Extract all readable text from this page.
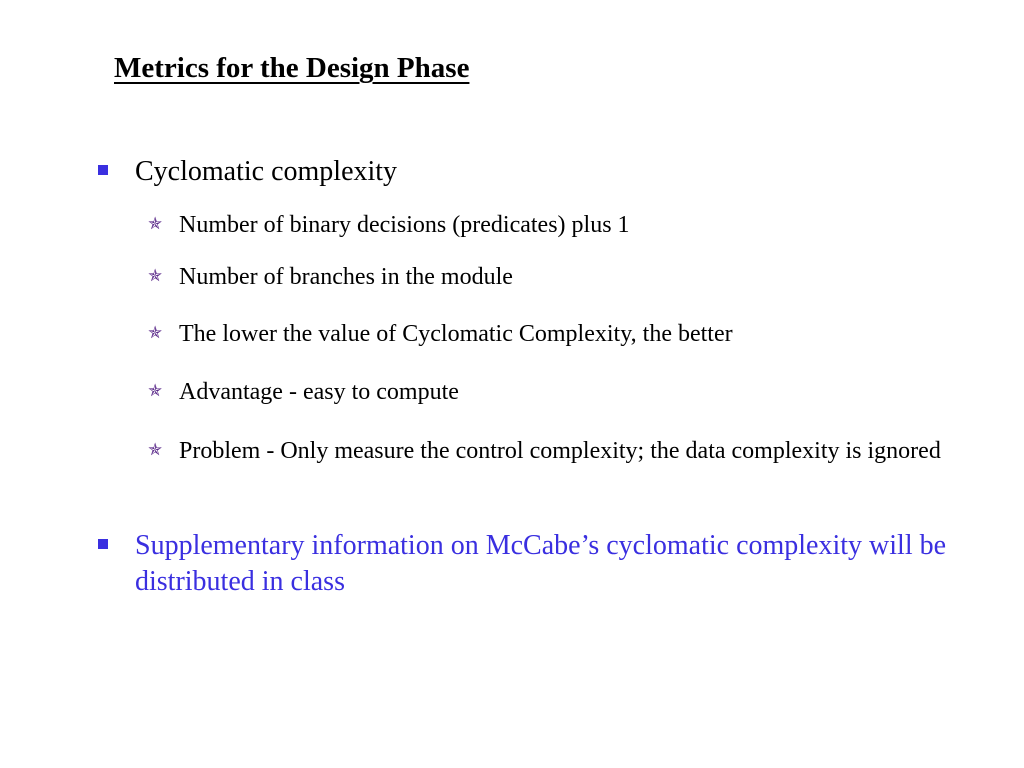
Metrics for the Design Phase
Cyclomatic complexity
✯ Number of binary decisions (predicates) plus 1
✯ Number of branches in the module
✯ The lower the value of Cyclomatic Complexity, the better
✯ Advantage - easy to compute
✯ Problem - Only measure the control complexity; the data complexity is ignored
Supplementary information on McCabe’s cyclomatic complexity will be distributed in class
